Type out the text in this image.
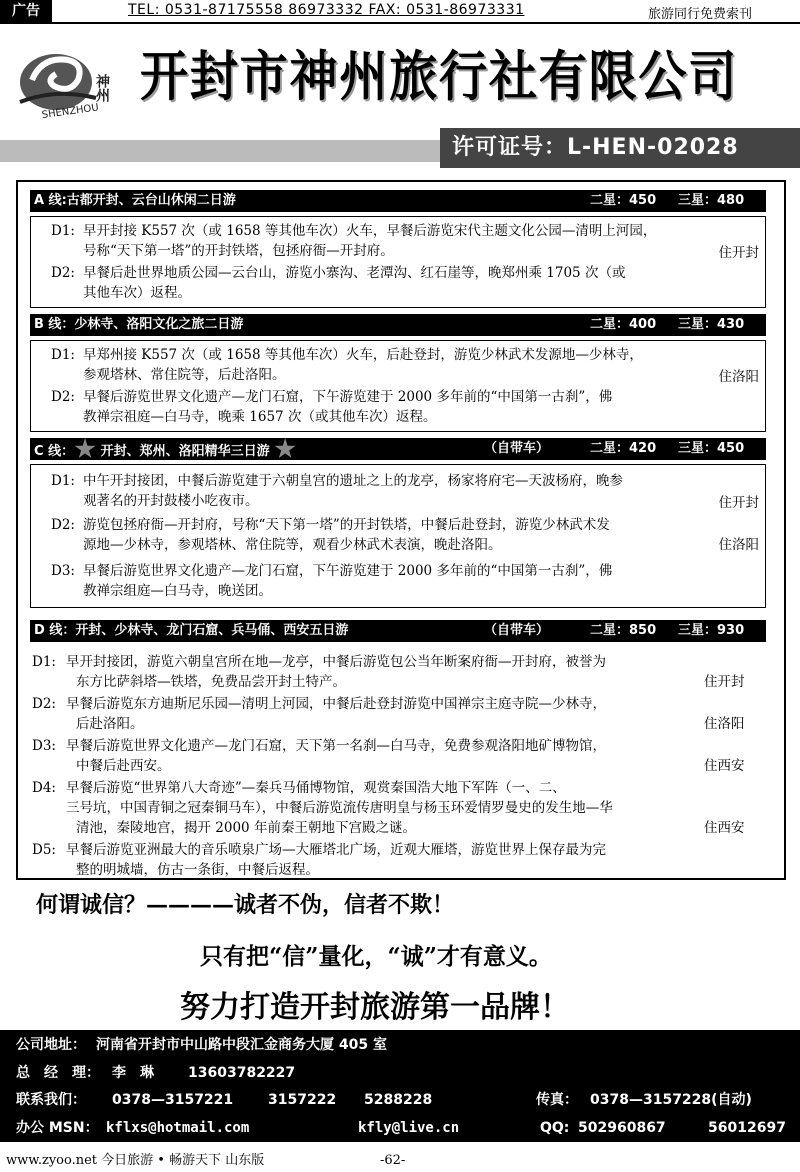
广告	TEL: 0531-87175558 86973332 FAX: 0531-86973331	旅游同行免费索刊
SHENZHOU
神州 开封市神州旅行社有限公司
许可证号：L-HEN-02028
A 线:古都开封、云台山休闲二日游	二星：450 三星：480
D1: 早开封接 K557 次（或 1658 等其他车次）火车，早餐后游览宋代主题文化公园—清明上河园，
号称“天下第一塔”的开封铁塔，包拯府衙—开封府。	住开封
D2: 早餐后赴世界地质公园—云台山，游览小寨沟、老潭沟、红石崖等，晚郑州乘 1705 次（或
其他车次）返程。
B 线：少林寺、洛阳文化之旅二日游	二星：400 三星：430
D1: 早郑州接 K557 次（或 1658 等其他车次）火车，后赴登封，游览少林武术发源地—少林寺，
参观塔林、常住院等，后赴洛阳。	住洛阳
D2: 早餐后游览世界文化遗产—龙门石窟，下午游览建于 2000 多年前的“中国第一古刹”，佛
教禅宗祖庭—白马寺，晚乘 1657 次（或其他车次）返程。
C 线： 开封、郑州、洛阳精华三日游	（自带车）	二星：420 三星：450
D1: 中午开封接团，中餐后游览建于六朝皇宫的遗址之上的龙亭，杨家将府宅—天波杨府，晚参
观著名的开封鼓楼小吃夜市。	住开封
D2: 游览包拯府衙—开封府，号称“天下第一塔”的开封铁塔，中餐后赴登封，游览少林武术发
源地—少林寺，参观塔林、常住院等，观看少林武术表演，晚赴洛阳。	住洛阳
D3: 早餐后游览世界文化遗产—龙门石窟，下午游览建于 2000 多年前的“中国第一古刹”，佛
教禅宗组庭—白马寺，晚送团。
D 线：开封、少林寺、龙门石窟、兵马俑、西安五日游	（自带车）	二星：850 三星：930
D1: 早开封接团，游览六朝皇宫所在地—龙亭，中餐后游览包公当年断案府衙—开封府，被誉为
东方比萨斜塔—铁塔，免费品尝开封土特产。	住开封
D2: 早餐后游览东方迪斯尼乐园—清明上河园，中餐后赴登封游览中国禅宗主庭寺院—少林寺，
后赴洛阳。	住洛阳
D3: 早餐后游览世界文化遗产—龙门石窟，天下第一名刹—白马寺，免费参观洛阳地矿博物馆，
中餐后赴西安。	住西安
D4: 早餐后游览“世界第八大奇迹”—秦兵马俑博物馆，观赏秦国浩大地下军阵（一、二、
三号坑，中国青铜之冠秦铜马车），中餐后游览流传唐明皇与杨玉环爱情罗曼史的发生地—华
清池，秦陵地宫，揭开 2000 年前秦王朝地下宫殿之谜。	住西安
D5: 早餐后游览亚洲最大的音乐喷泉广场—大雁塔北广场，近观大雁塔，游览世界上保存最为完
整的明城墙，仿古一条街，中餐后返程。
何谓诚信？————诚者不伪，信者不欺！
只有把“信”量化，“诚”才有意义。
努力打造开封旅游第一品牌！
公司地址： 河南省开封市中山路中段汇金商务大厦 405 室
总　经　理： 李　琳 13603782227
联系我们： 0378—3157221 3157222 5288228	传真： 0378—3157228(自动)
办公 MSN： kflxs@hotmail.com	kfly@live.cn	QQ: 502960867	56012697
www.zyoo.net 今日旅游 • 畅游天下 山东版	-62-
